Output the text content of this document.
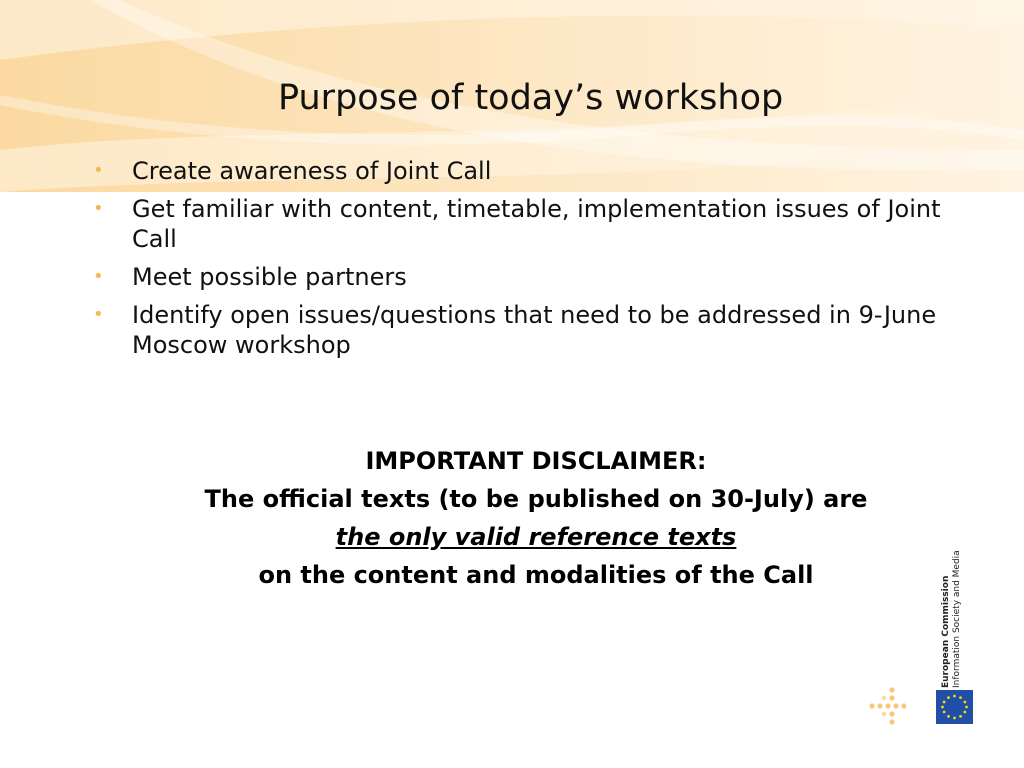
Purpose of today’s workshop
• Create awareness of Joint Call
• Get familiar with content, timetable, implementation issues of Joint Call
• Meet possible partners
• Identify open issues/questions that need to be addressed in 9-June Moscow workshop
IMPORTANT DISCLAIMER:
The official texts (to be published on 30-July) are
the only valid reference texts
on the content and modalities of the Call
European Commission Information Society and Media
